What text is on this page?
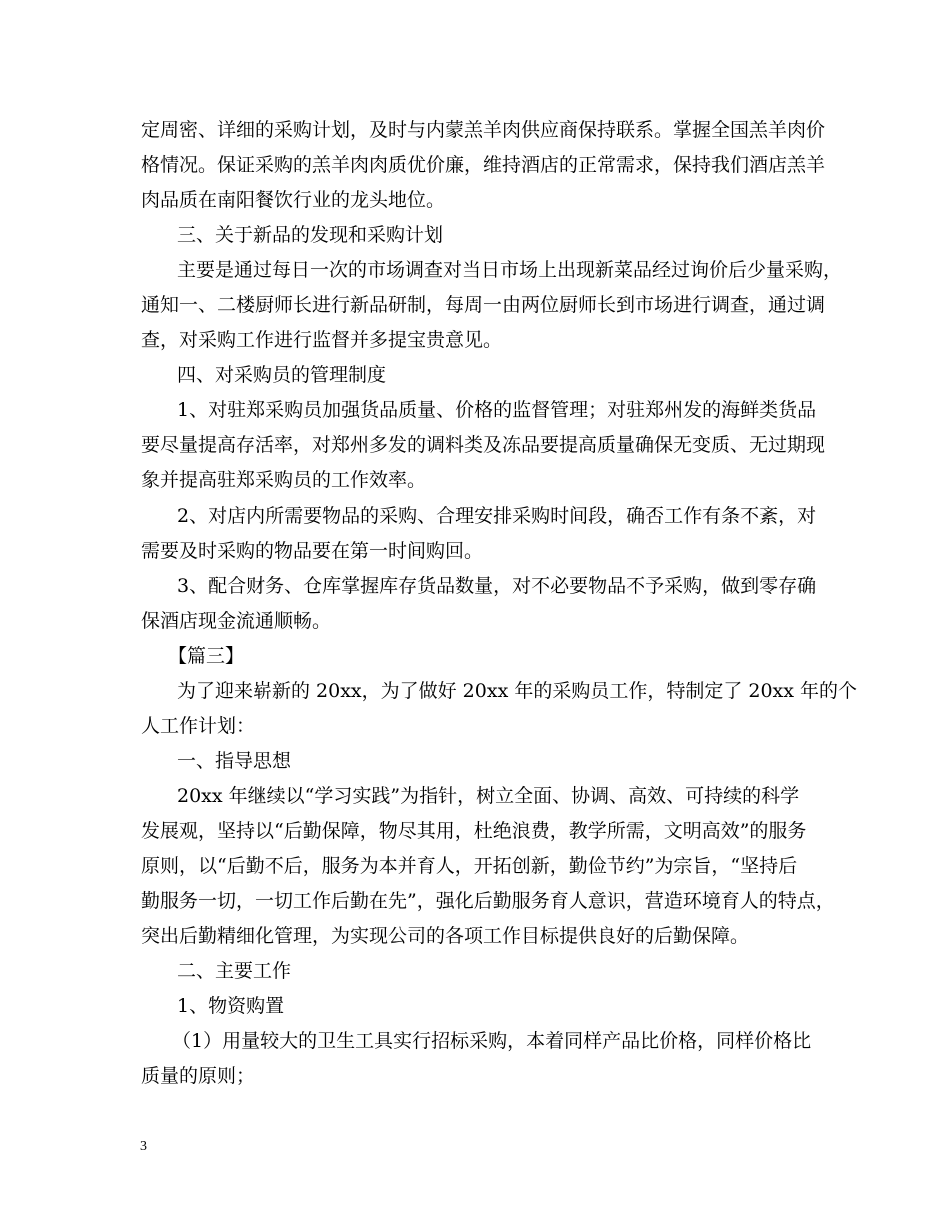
定周密、详细的采购计划，及时与内蒙羔羊肉供应商保持联系。掌握全国羔羊肉价
格情况。保证采购的羔羊肉肉质优价廉，维持酒店的正常需求，保持我们酒店羔羊
肉品质在南阳餐饮行业的龙头地位。
三、关于新品的发现和采购计划
主要是通过每日一次的市场调查对当日市场上出现新菜品经过询价后少量采购，
通知一、二楼厨师长进行新品研制，每周一由两位厨师长到市场进行调查，通过调
查，对采购工作进行监督并多提宝贵意见。
四、对采购员的管理制度
1、对驻郑采购员加强货品质量、价格的监督管理；对驻郑州发的海鲜类货品
要尽量提高存活率，对郑州多发的调料类及冻品要提高质量确保无变质、无过期现
象并提高驻郑采购员的工作效率。
2、对店内所需要物品的采购、合理安排采购时间段，确否工作有条不紊，对
需要及时采购的物品要在第一时间购回。
3、配合财务、仓库掌握库存货品数量，对不必要物品不予采购，做到零存确
保酒店现金流通顺畅。
【篇三】
为了迎来崭新的 20xx，为了做好 20xx 年的采购员工作，特制定了 20xx 年的个
人工作计划：
一、指导思想
20xx 年继续以“学习实践”为指针，树立全面、协调、高效、可持续的科学
发展观，坚持以“后勤保障，物尽其用，杜绝浪费，教学所需，文明高效”的服务
原则，以“后勤不后，服务为本并育人，开拓创新，勤俭节约”为宗旨，“坚持后
勤服务一切，一切工作后勤在先”，强化后勤服务育人意识，营造环境育人的特点，
突出后勤精细化管理，为实现公司的各项工作目标提供良好的后勤保障。
二、主要工作
1、物资购置
（1）用量较大的卫生工具实行招标采购，本着同样产品比价格，同样价格比
质量的原则；
3
